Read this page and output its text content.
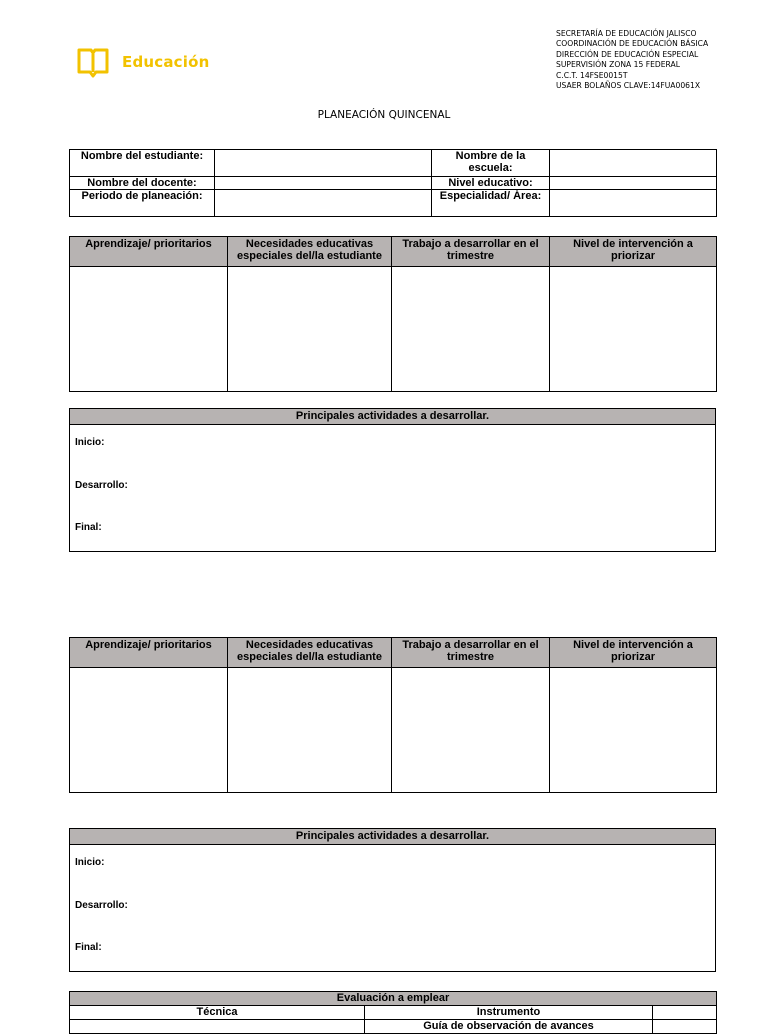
Educación
SECRETARÍA DE EDUCACIÓN JALISCO
COORDINACIÓN DE EDUCACIÓN BÁSICA
DIRECCIÓN DE EDUCACIÓN ESPECIAL
SUPERVISIÓN ZONA 15 FEDERAL
C.C.T. 14FSE0015T
USAER BOLAÑOS CLAVE:14FUA0061X
PLANEACIÓN QUINCENAL
Nombre del estudiante:		Nombre de la escuela:	
Nombre del docente:		Nivel educativo:	
Periodo de planeación:		Especialidad/ Área:	
Aprendizaje/ prioritarios	Necesidades educativas especiales del/la estudiante	Trabajo a desarrollar en el trimestre	Nivel de intervención a priorizar

Principales actividades a desarrollar.

Inicio:
Desarrollo:
Final:
Aprendizaje/ prioritarios	Necesidades educativas especiales del/la estudiante	Trabajo a desarrollar en el trimestre	Nivel de intervención a priorizar

Principales actividades a desarrollar.

Inicio:
Desarrollo:
Final:
Evaluación a emplear		
Técnica	Instrumento	
	Guía de observación de avances	
